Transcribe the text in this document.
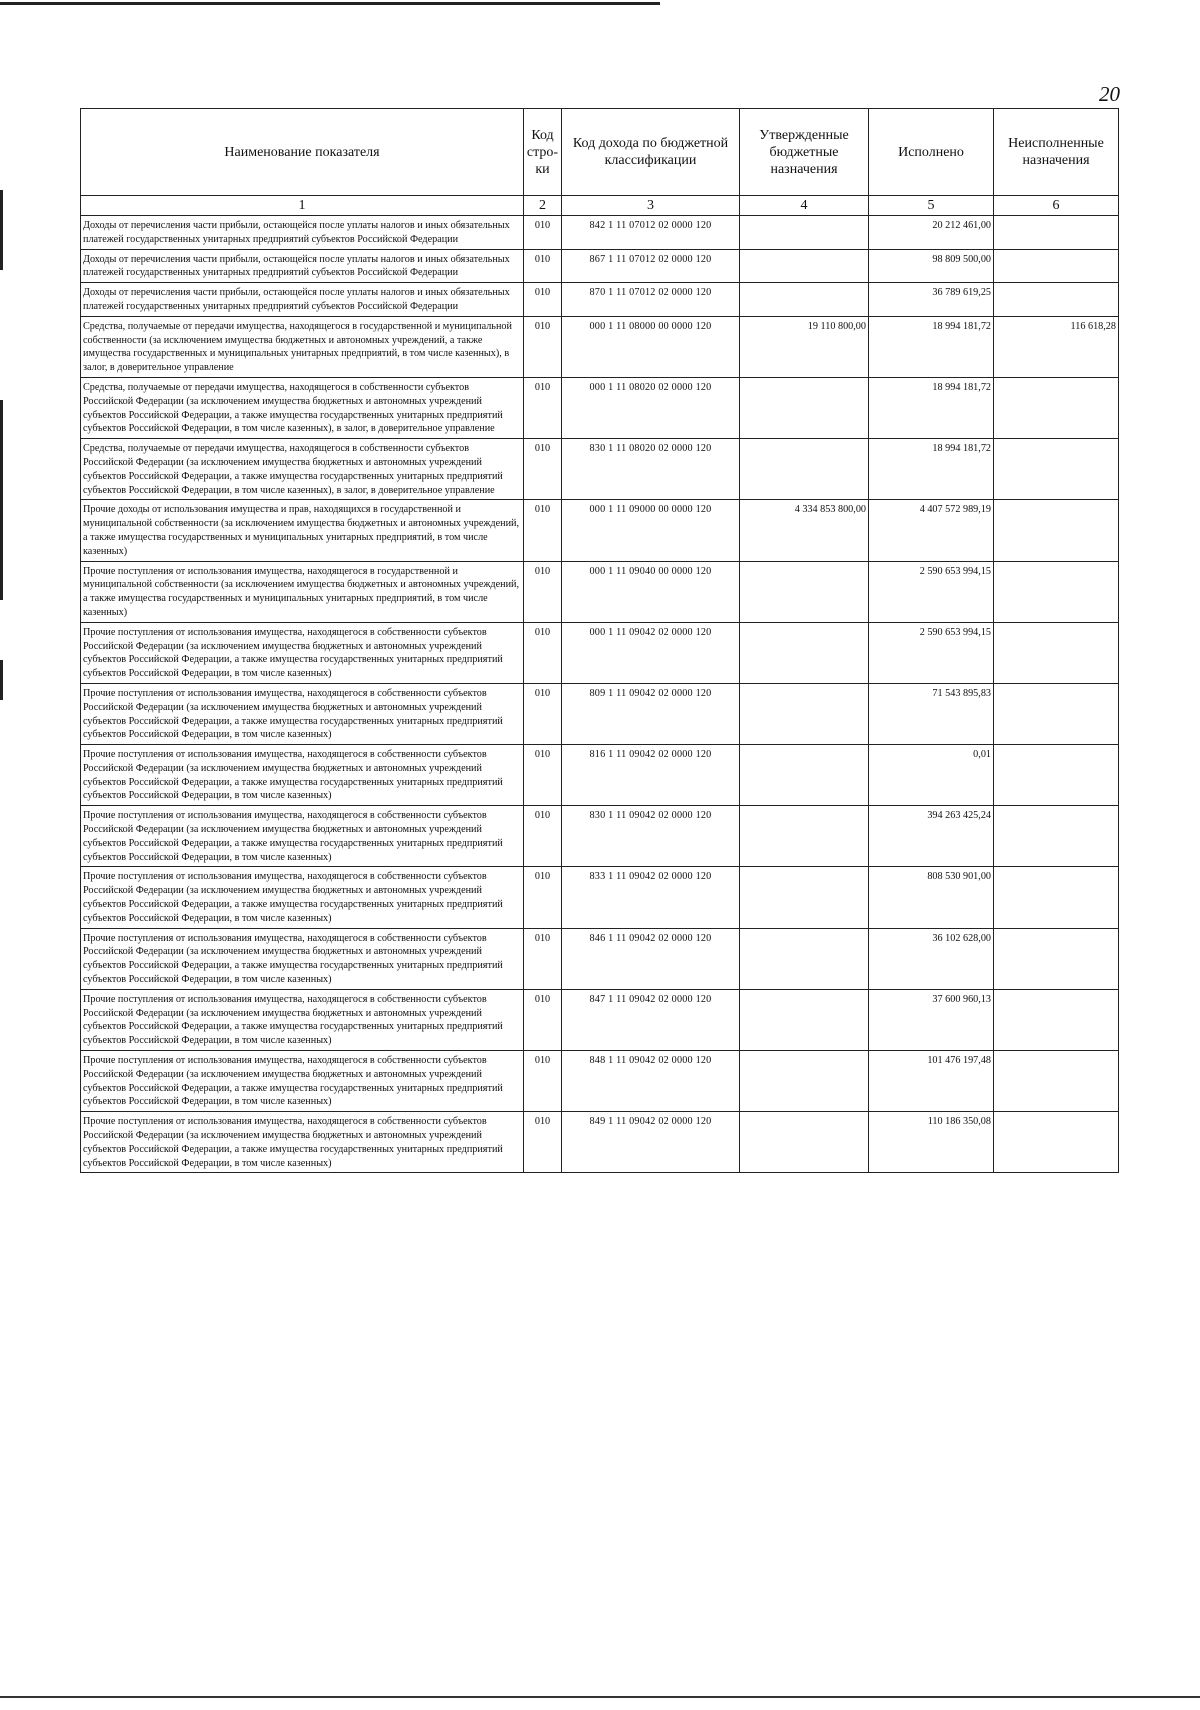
20
Наименование показателя	Код стро- ки	Код дохода по бюджетной классификации	Утвержденные бюджетные назначения	Исполнено	Неисполненные назначения
1	2	3	4	5	6
Доходы от перечисления части прибыли, остающейся после уплаты налогов и иных обязательных платежей государственных унитарных предприятий субъектов Российской Федерации	010	842 1 11 07012 02 0000 120		20 212 461,00	
Доходы от перечисления части прибыли, остающейся после уплаты налогов и иных обязательных платежей государственных унитарных предприятий субъектов Российской Федерации	010	867 1 11 07012 02 0000 120		98 809 500,00	
Доходы от перечисления части прибыли, остающейся после уплаты налогов и иных обязательных платежей государственных унитарных предприятий субъектов Российской Федерации	010	870 1 11 07012 02 0000 120		36 789 619,25	
Средства, получаемые от передачи имущества, находящегося в государственной и муниципальной собственности (за исключением имущества бюджетных и автономных учреждений, а также имущества государственных и муниципальных унитарных предприятий, в том числе казенных), в залог, в доверительное управление	010	000 1 11 08000 00 0000 120	19 110 800,00	18 994 181,72	116 618,28
Средства, получаемые от передачи имущества, находящегося в собственности субъектов Российской Федерации (за исключением имущества бюджетных и автономных учреждений субъектов Российской Федерации, а также имущества государственных унитарных предприятий субъектов Российской Федерации, в том числе казенных), в залог, в доверительное управление	010	000 1 11 08020 02 0000 120		18 994 181,72	
Средства, получаемые от передачи имущества, находящегося в собственности субъектов Российской Федерации (за исключением имущества бюджетных и автономных учреждений субъектов Российской Федерации, а также имущества государственных унитарных предприятий субъектов Российской Федерации, в том числе казенных), в залог, в доверительное управление	010	830 1 11 08020 02 0000 120		18 994 181,72	
Прочие доходы от использования имущества и прав, находящихся в государственной и муниципальной собственности (за исключением имущества бюджетных и автономных учреждений, а также имущества государственных и муниципальных унитарных предприятий, в том числе казенных)	010	000 1 11 09000 00 0000 120	4 334 853 800,00	4 407 572 989,19	
Прочие поступления от использования имущества, находящегося в государственной и муниципальной собственности (за исключением имущества бюджетных и автономных учреждений, а также имущества государственных и муниципальных унитарных предприятий, в том числе казенных)	010	000 1 11 09040 00 0000 120		2 590 653 994,15	
Прочие поступления от использования имущества, находящегося в собственности субъектов Российской Федерации (за исключением имущества бюджетных и автономных учреждений субъектов Российской Федерации, а также имущества государственных унитарных предприятий субъектов Российской Федерации, в том числе казенных)	010	000 1 11 09042 02 0000 120		2 590 653 994,15	
Прочие поступления от использования имущества, находящегося в собственности субъектов Российской Федерации (за исключением имущества бюджетных и автономных учреждений субъектов Российской Федерации, а также имущества государственных унитарных предприятий субъектов Российской Федерации, в том числе казенных)	010	809 1 11 09042 02 0000 120		71 543 895,83	
Прочие поступления от использования имущества, находящегося в собственности субъектов Российской Федерации (за исключением имущества бюджетных и автономных учреждений субъектов Российской Федерации, а также имущества государственных унитарных предприятий субъектов Российской Федерации, в том числе казенных)	010	816 1 11 09042 02 0000 120		0,01	
Прочие поступления от использования имущества, находящегося в собственности субъектов Российской Федерации (за исключением имущества бюджетных и автономных учреждений субъектов Российской Федерации, а также имущества государственных унитарных предприятий субъектов Российской Федерации, в том числе казенных)	010	830 1 11 09042 02 0000 120		394 263 425,24	
Прочие поступления от использования имущества, находящегося в собственности субъектов Российской Федерации (за исключением имущества бюджетных и автономных учреждений субъектов Российской Федерации, а также имущества государственных унитарных предприятий субъектов Российской Федерации, в том числе казенных)	010	833 1 11 09042 02 0000 120		808 530 901,00	
Прочие поступления от использования имущества, находящегося в собственности субъектов Российской Федерации (за исключением имущества бюджетных и автономных учреждений субъектов Российской Федерации, а также имущества государственных унитарных предприятий субъектов Российской Федерации, в том числе казенных)	010	846 1 11 09042 02 0000 120		36 102 628,00	
Прочие поступления от использования имущества, находящегося в собственности субъектов Российской Федерации (за исключением имущества бюджетных и автономных учреждений субъектов Российской Федерации, а также имущества государственных унитарных предприятий субъектов Российской Федерации, в том числе казенных)	010	847 1 11 09042 02 0000 120		37 600 960,13	
Прочие поступления от использования имущества, находящегося в собственности субъектов Российской Федерации (за исключением имущества бюджетных и автономных учреждений субъектов Российской Федерации, а также имущества государственных унитарных предприятий субъектов Российской Федерации, в том числе казенных)	010	848 1 11 09042 02 0000 120		101 476 197,48	
Прочие поступления от использования имущества, находящегося в собственности субъектов Российской Федерации (за исключением имущества бюджетных и автономных учреждений субъектов Российской Федерации, а также имущества государственных унитарных предприятий субъектов Российской Федерации, в том числе казенных)	010	849 1 11 09042 02 0000 120		110 186 350,08	
